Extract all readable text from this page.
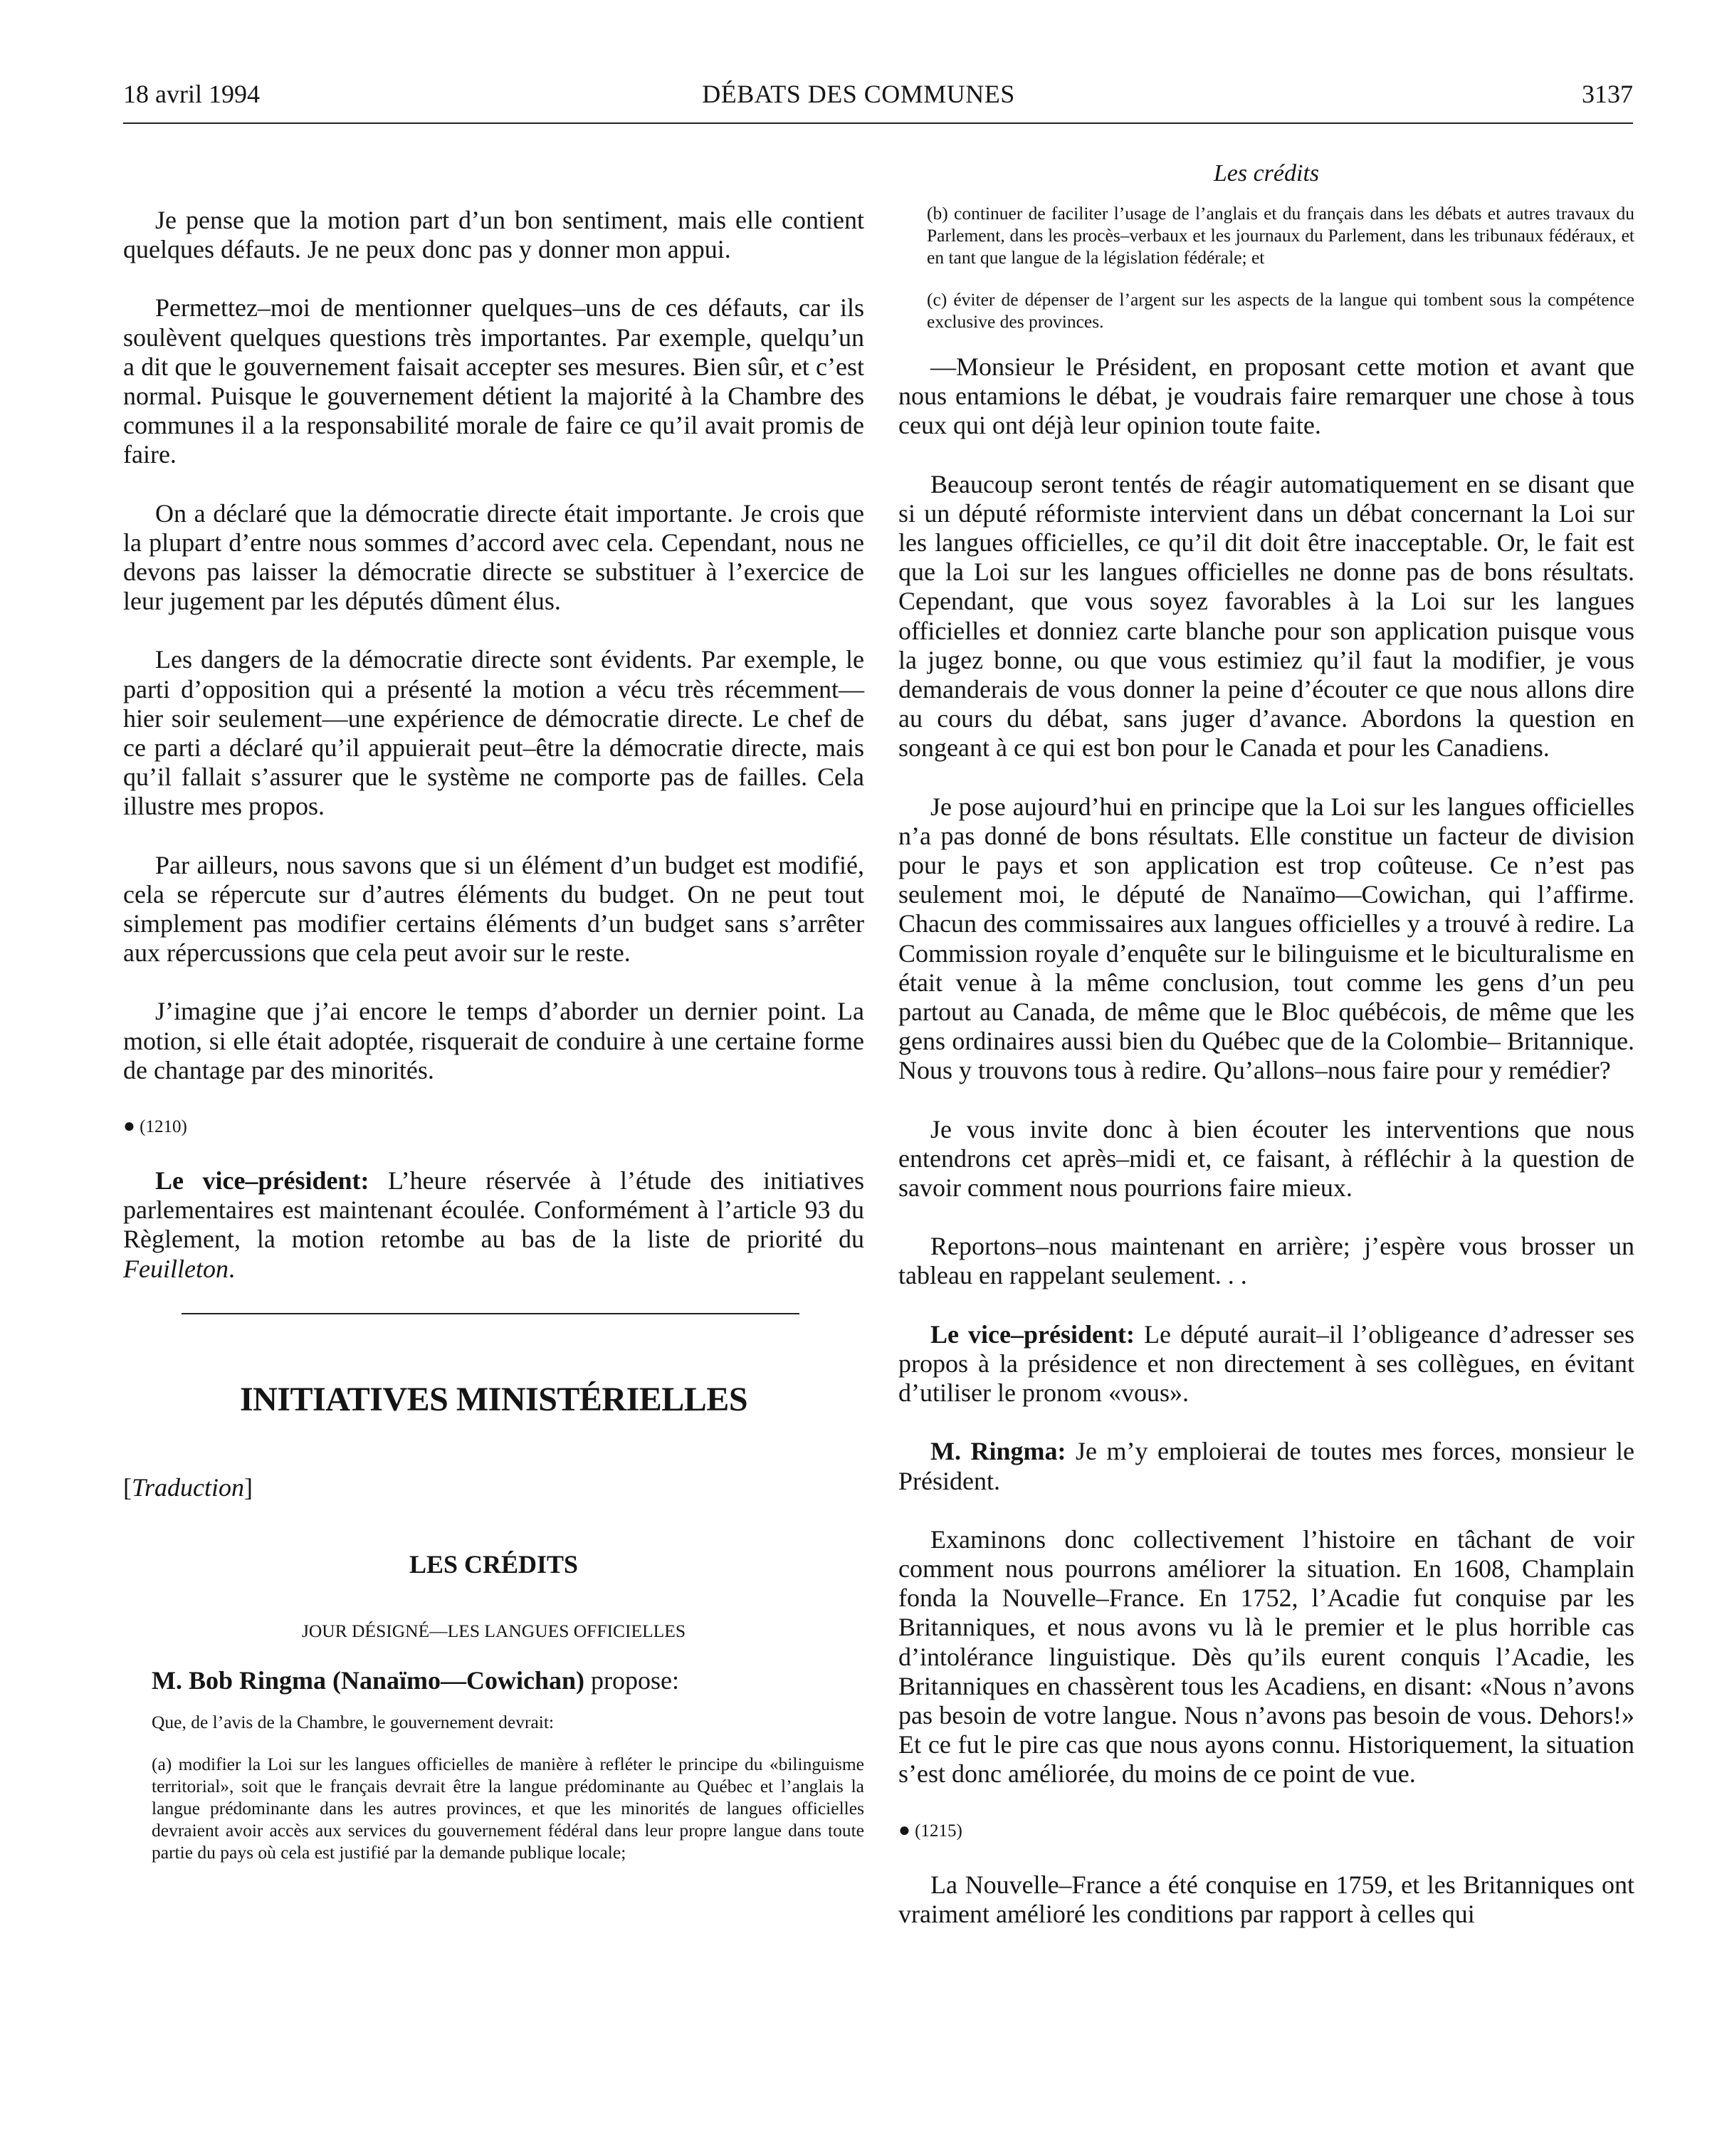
18 avril 1994	DÉBATS DES COMMUNES	3137

Je pense que la motion part d’un bon sentiment, mais elle contient quelques défauts. Je ne peux donc pas y donner mon appui.

Permettez–moi de mentionner quelques–uns de ces défauts, car ils soulèvent quelques questions très importantes. Par exemple, quelqu’un a dit que le gouvernement faisait accepter ses mesures. Bien sûr, et c’est normal. Puisque le gouvernement détient la majorité à la Chambre des communes il a la responsabilité morale de faire ce qu’il avait promis de faire.

On a déclaré que la démocratie directe était importante. Je crois que la plupart d’entre nous sommes d’accord avec cela. Cependant, nous ne devons pas laisser la démocratie directe se substituer à l’exercice de leur jugement par les députés dûment élus.

Les dangers de la démocratie directe sont évidents. Par exemple, le parti d’opposition qui a présenté la motion a vécu très récemment— hier soir seulement—une expérience de démocratie directe. Le chef de ce parti a déclaré qu’il appuierait peut–être la démocratie directe, mais qu’il fallait s’assurer que le système ne comporte pas de failles. Cela illustre mes propos.

Par ailleurs, nous savons que si un élément d’un budget est modifié, cela se répercute sur d’autres éléments du budget. On ne peut tout simplement pas modifier certains éléments d’un budget sans s’arrêter aux répercussions que cela peut avoir sur le reste.

J’imagine que j’ai encore le temps d’aborder un dernier point. La motion, si elle était adoptée, risquerait de conduire à une certaine forme de chantage par des minorités.

● (1210)

Le vice–président: L’heure réservée à l’étude des initiatives parlementaires est maintenant écoulée. Conformément à l’article 93 du Règlement, la motion retombe au bas de la liste de priorité du Feuilleton.

INITIATIVES MINISTÉRIELLES
[Traduction]
LES CRÉDITS
JOUR DÉSIGNÉ—LES LANGUES OFFICIELLES

M. Bob Ringma (Nanaïmo—Cowichan) propose:

Que, de l’avis de la Chambre, le gouvernement devrait:

(a) modifier la Loi sur les langues officielles de manière à refléter le principe du «bilinguisme territorial», soit que le français devrait être la langue prédominante au Québec et l’anglais la langue prédominante dans les autres provinces, et que les minorités de langues officielles devraient avoir accès aux services du gouvernement fédéral dans leur propre langue dans toute partie du pays où cela est justifié par la demande publique locale;

Les crédits

(b) continuer de faciliter l’usage de l’anglais et du français dans les débats et autres travaux du Parlement, dans les procès–verbaux et les journaux du Parlement, dans les tribunaux fédéraux, et en tant que langue de la législation fédérale; et

(c) éviter de dépenser de l’argent sur les aspects de la langue qui tombent sous la compétence exclusive des provinces.

—Monsieur le Président, en proposant cette motion et avant que nous entamions le débat, je voudrais faire remarquer une chose à tous ceux qui ont déjà leur opinion toute faite.

Beaucoup seront tentés de réagir automatiquement en se disant que si un député réformiste intervient dans un débat concernant la Loi sur les langues officielles, ce qu’il dit doit être inacceptable. Or, le fait est que la Loi sur les langues officielles ne donne pas de bons résultats. Cependant, que vous soyez favorables à la Loi sur les langues officielles et donniez carte blanche pour son application puisque vous la jugez bonne, ou que vous estimiez qu’il faut la modifier, je vous demanderais de vous donner la peine d’écouter ce que nous allons dire au cours du débat, sans juger d’avance. Abordons la question en songeant à ce qui est bon pour le Canada et pour les Canadiens.

Je pose aujourd’hui en principe que la Loi sur les langues officielles n’a pas donné de bons résultats. Elle constitue un facteur de division pour le pays et son application est trop coûteuse. Ce n’est pas seulement moi, le député de Nanaïmo—Cowichan, qui l’affirme. Chacun des commissaires aux langues officielles y a trouvé à redire. La Commission royale d’enquête sur le bilinguisme et le biculturalisme en était venue à la même conclusion, tout comme les gens d’un peu partout au Canada, de même que le Bloc québécois, de même que les gens ordinaires aussi bien du Québec que de la Colombie– Britannique. Nous y trouvons tous à redire. Qu’allons–nous faire pour y remédier?

Je vous invite donc à bien écouter les interventions que nous entendrons cet après–midi et, ce faisant, à réfléchir à la question de savoir comment nous pourrions faire mieux.

Reportons–nous maintenant en arrière; j’espère vous brosser un tableau en rappelant seulement. . .

Le vice–président: Le député aurait–il l’obligeance d’adresser ses propos à la présidence et non directement à ses collègues, en évitant d’utiliser le pronom «vous».

M. Ringma: Je m’y emploierai de toutes mes forces, monsieur le Président.

Examinons donc collectivement l’histoire en tâchant de voir comment nous pourrons améliorer la situation. En 1608, Champlain fonda la Nouvelle–France. En 1752, l’Acadie fut conquise par les Britanniques, et nous avons vu là le premier et le plus horrible cas d’intolérance linguistique. Dès qu’ils eurent conquis l’Acadie, les Britanniques en chassèrent tous les Acadiens, en disant: «Nous n’avons pas besoin de votre langue. Nous n’avons pas besoin de vous. Dehors!» Et ce fut le pire cas que nous ayons connu. Historiquement, la situation s’est donc améliorée, du moins de ce point de vue.

● (1215)

La Nouvelle–France a été conquise en 1759, et les Britanniques ont vraiment amélioré les conditions par rapport à celles qui
